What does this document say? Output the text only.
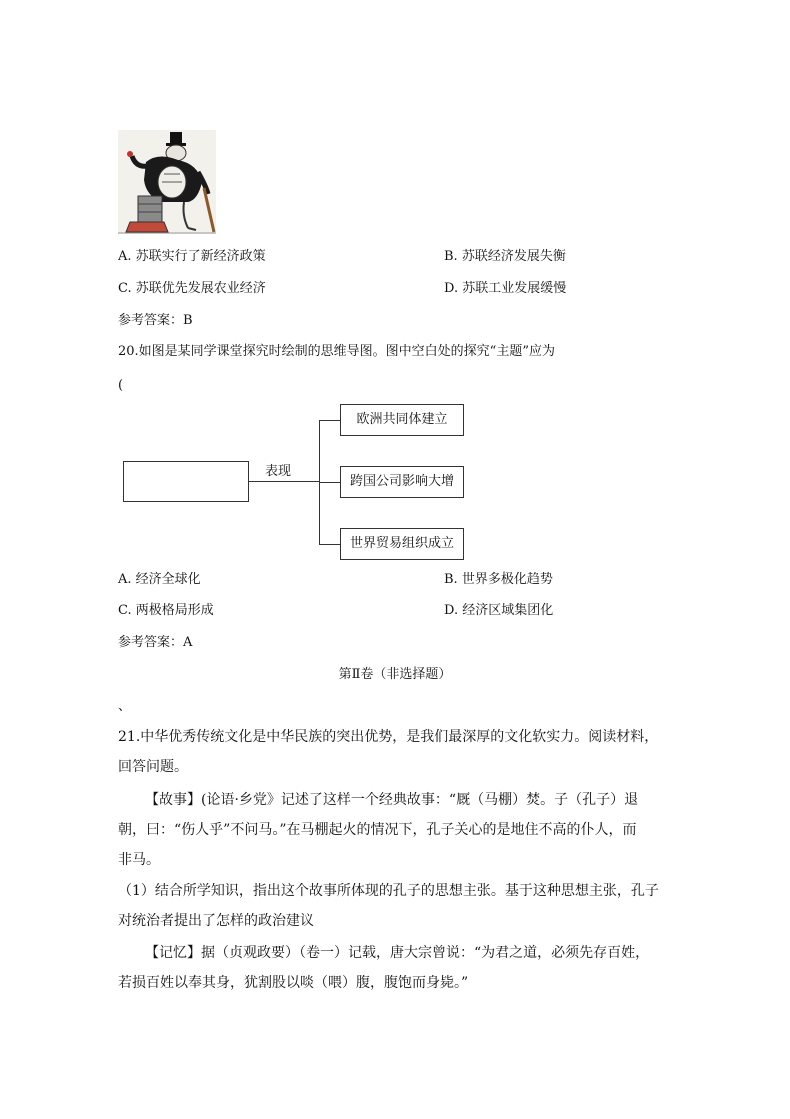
A. 苏联实行了新经济政策	B. 苏联经济发展失衡
C. 苏联优先发展农业经济	D. 苏联工业发展缓慢
参考答案：B
20.如图是某同学课堂探究时绘制的思维导图。图中空白处的探究“主题”应为
(
表现
欧洲共同体建立
跨国公司影响大增
世界贸易组织成立
A. 经济全球化	B. 世界多极化趋势
C. 两极格局形成	D. 经济区域集团化
参考答案：A
第Ⅱ卷（非选择题）
、
21.中华优秀传统文化是中华民族的突出优势，是我们最深厚的文化软实力。阅读材料，
回答问题。
【故事】(论语·乡党》记述了这样一个经典故事：“厩（马棚）焚。子（孔子）退
朝，曰：“伤人乎”不问马。”在马棚起火的情况下，孔子关心的是地住不高的仆人，而
非马。
（1）结合所学知识，指出这个故事所体现的孔子的思想主张。基于这种思想主张，孔子
对统治者提出了怎样的政治建议
【记忆】据（贞观政要）（卷一）记载，唐大宗曾说：“为君之道，必须先存百姓，
若损百姓以奉其身，犹割股以啖（喂）腹，腹饱而身毙。”
